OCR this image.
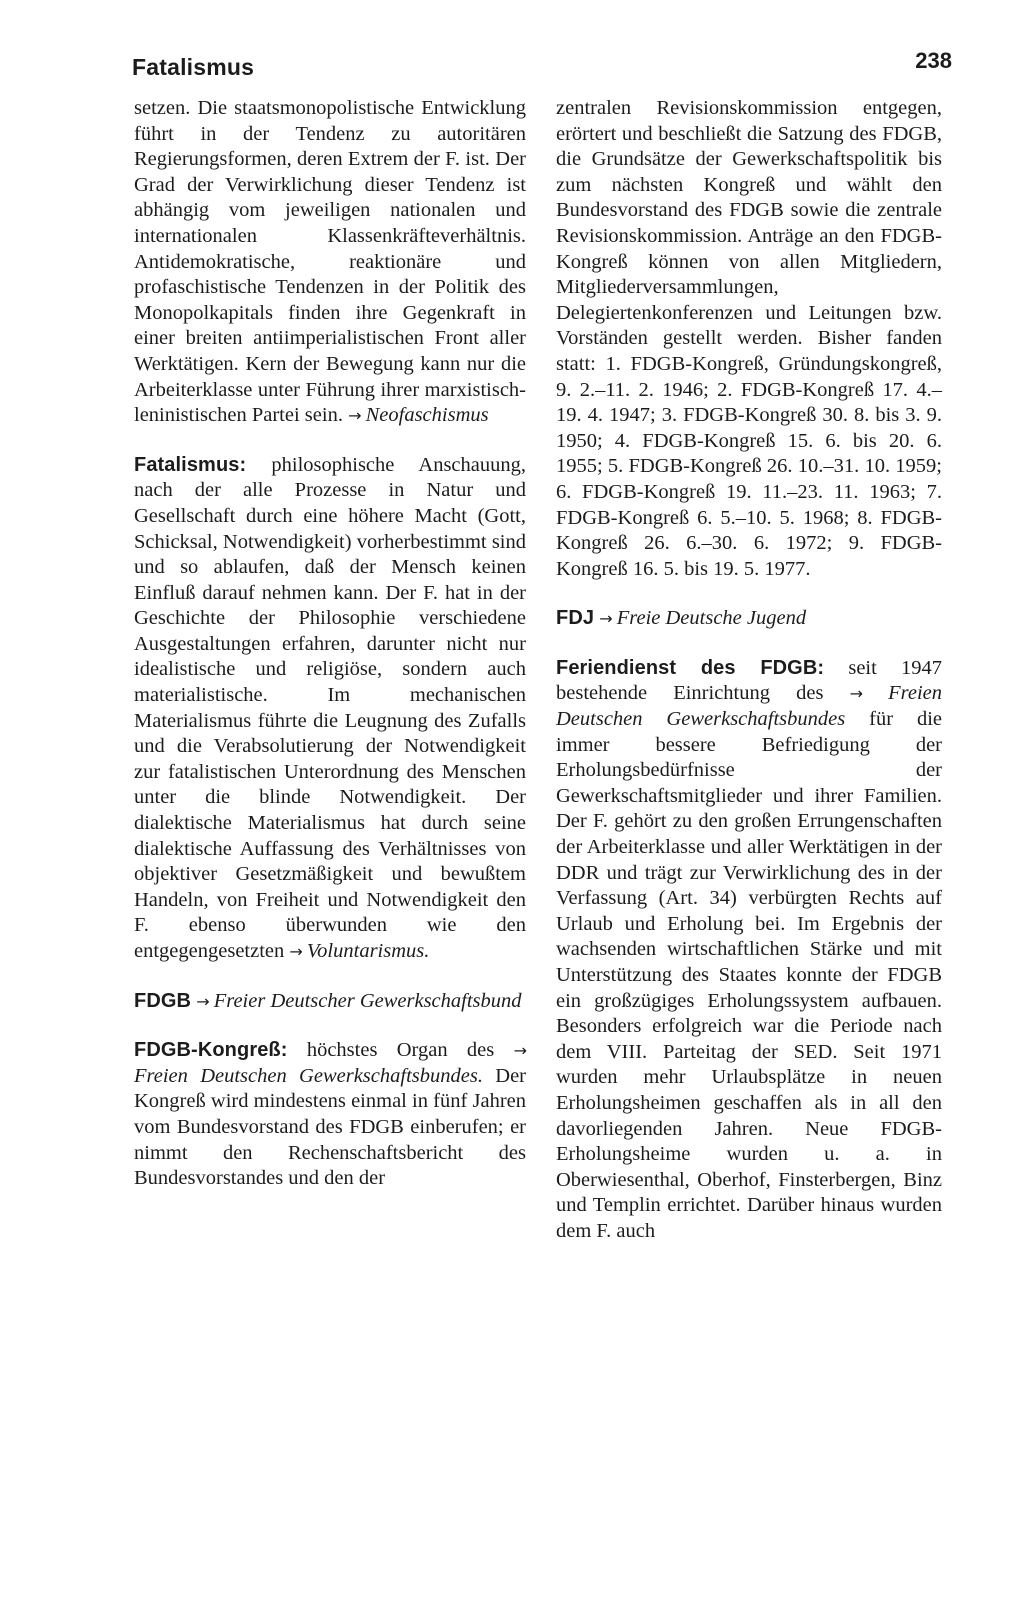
Fatalismus	238

setzen. Die staatsmonopolistische Entwicklung führt in der Tendenz zu autoritären Regierungsformen, deren Extrem der F. ist. Der Grad der Verwirklichung dieser Tendenz ist abhängig vom jeweiligen nationalen und internationalen Klassenkräfteverhältnis. Antidemokratische, reaktionäre und profaschistische Tendenzen in der Politik des Monopolkapitals finden ihre Gegenkraft in einer breiten antiimperialistischen Front aller Werktätigen. Kern der Bewegung kann nur die Arbeiterklasse unter Führung ihrer marxistisch-leninistischen Partei sein. → Neofaschismus

Fatalismus: philosophische Anschauung, nach der alle Prozesse in Natur und Gesellschaft durch eine höhere Macht (Gott, Schicksal, Notwendigkeit) vorherbestimmt sind und so ablaufen, daß der Mensch keinen Einfluß darauf nehmen kann. Der F. hat in der Geschichte der Philosophie verschiedene Ausgestaltungen erfahren, darunter nicht nur idealistische und religiöse, sondern auch materialistische. Im mechanischen Materialismus führte die Leugnung des Zufalls und die Verabsolutierung der Notwendigkeit zur fatalistischen Unterordnung des Menschen unter die blinde Notwendigkeit. Der dialektische Materialismus hat durch seine dialektische Auffassung des Verhältnisses von objektiver Gesetzmäßigkeit und bewußtem Handeln, von Freiheit und Notwendigkeit den F. ebenso überwunden wie den entgegengesetzten → Voluntarismus.

FDGB → Freier Deutscher Gewerkschaftsbund

FDGB-Kongreß: höchstes Organ des → Freien Deutschen Gewerkschaftsbundes. Der Kongreß wird mindestens einmal in fünf Jahren vom Bundesvorstand des FDGB einberufen; er nimmt den Rechenschaftsbericht des Bundesvorstandes und den der

zentralen Revisionskommission entgegen, erörtert und beschließt die Satzung des FDGB, die Grundsätze der Gewerkschaftspolitik bis zum nächsten Kongreß und wählt den Bundesvorstand des FDGB sowie die zentrale Revisionskommission. Anträge an den FDGB-Kongreß können von allen Mitgliedern, Mitgliederversammlungen, Delegiertenkonferenzen und Leitungen bzw. Vorständen gestellt werden. Bisher fanden statt: 1. FDGB-Kongreß, Gründungskongreß, 9. 2.–11. 2. 1946; 2. FDGB-Kongreß 17. 4.–19. 4. 1947; 3. FDGB-Kongreß 30. 8. bis 3. 9. 1950; 4. FDGB-Kongreß 15. 6. bis 20. 6. 1955; 5. FDGB-Kongreß 26. 10.–31. 10. 1959; 6. FDGB-Kongreß 19. 11.–23. 11. 1963; 7. FDGB-Kongreß 6. 5.–10. 5. 1968; 8. FDGB-Kongreß 26. 6.–30. 6. 1972; 9. FDGB-Kongreß 16. 5. bis 19. 5. 1977.

FDJ → Freie Deutsche Jugend

Feriendienst des FDGB: seit 1947 bestehende Einrichtung des → Freien Deutschen Gewerkschaftsbundes für die immer bessere Befriedigung der Erholungsbedürfnisse der Gewerkschaftsmitglieder und ihrer Familien. Der F. gehört zu den großen Errungenschaften der Arbeiterklasse und aller Werktätigen in der DDR und trägt zur Verwirklichung des in der Verfassung (Art. 34) verbürgten Rechts auf Urlaub und Erholung bei. Im Ergebnis der wachsenden wirtschaftlichen Stärke und mit Unterstützung des Staates konnte der FDGB ein großzügiges Erholungssystem aufbauen. Besonders erfolgreich war die Periode nach dem VIII. Parteitag der SED. Seit 1971 wurden mehr Urlaubsplätze in neuen Erholungsheimen geschaffen als in all den davorliegenden Jahren. Neue FDGB-Erholungsheime wurden u. a. in Oberwiesenthal, Oberhof, Finsterbergen, Binz und Templin errichtet. Darüber hinaus wurden dem F. auch
